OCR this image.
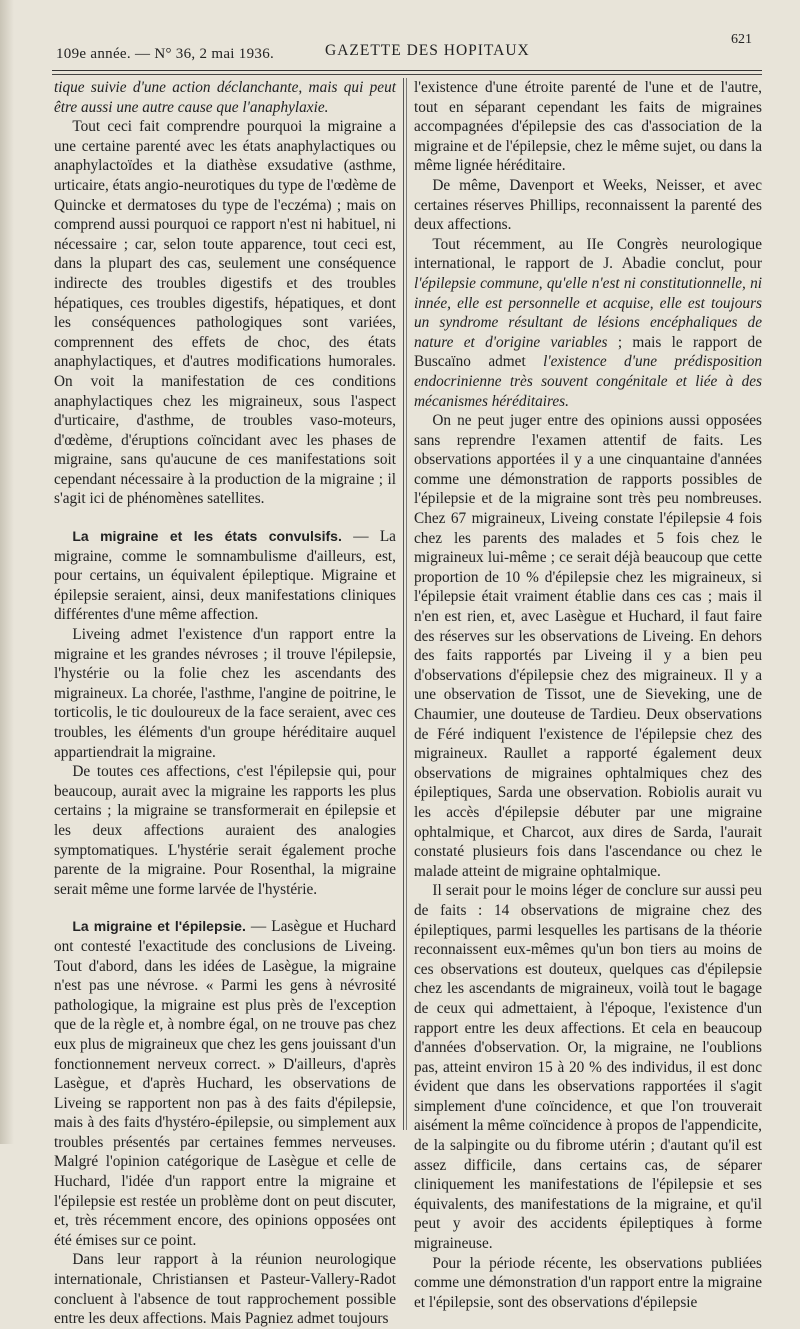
109e année. — N° 36, 2 mai 1936.	GAZETTE DES HOPITAUX
621

tique suivie d'une action déclanchante, mais qui peut être aussi une autre cause que l'anaphylaxie.

Tout ceci fait comprendre pourquoi la migraine a une certaine parenté avec les états anaphylactiques ou anaphylactoïdes et la diathèse exsudative (asthme, urticaire, états angio-neurotiques du type de l'œdème de Quincke et dermatoses du type de l'eczéma) ; mais on comprend aussi pourquoi ce rapport n'est ni habituel, ni nécessaire ; car, selon toute apparence, tout ceci est, dans la plupart des cas, seulement une conséquence indirecte des troubles digestifs et des troubles hépatiques, ces troubles digestifs, hépatiques, et dont les conséquences pathologiques sont variées, comprennent des effets de choc, des états anaphylactiques, et d'autres modifications humorales. On voit la manifestation de ces conditions anaphylactiques chez les migraineux, sous l'aspect d'urticaire, d'asthme, de troubles vaso-moteurs, d'œdème, d'éruptions coïncidant avec les phases de migraine, sans qu'aucune de ces manifestations soit cependant nécessaire à la production de la migraine ; il s'agit ici de phénomènes satellites.

La migraine et les états convulsifs. — La migraine, comme le somnambulisme d'ailleurs, est, pour certains, un équivalent épileptique. Migraine et épilepsie seraient, ainsi, deux manifestations cliniques différentes d'une même affection.

Liveing admet l'existence d'un rapport entre la migraine et les grandes névroses ; il trouve l'épilepsie, l'hystérie ou la folie chez les ascendants des migraineux. La chorée, l'asthme, l'angine de poitrine, le torticolis, le tic douloureux de la face seraient, avec ces troubles, les éléments d'un groupe héréditaire auquel appartiendrait la migraine.

De toutes ces affections, c'est l'épilepsie qui, pour beaucoup, aurait avec la migraine les rapports les plus certains ; la migraine se transformerait en épilepsie et les deux affections auraient des analogies symptomatiques. L'hystérie serait également proche parente de la migraine. Pour Rosenthal, la migraine serait même une forme larvée de l'hystérie.

La migraine et l'épilepsie. — Lasègue et Huchard ont contesté l'exactitude des conclusions de Liveing. Tout d'abord, dans les idées de Lasègue, la migraine n'est pas une névrose. « Parmi les gens à névrosité pathologique, la migraine est plus près de l'exception que de la règle et, à nombre égal, on ne trouve pas chez eux plus de migraineux que chez les gens jouissant d'un fonctionnement nerveux correct. » D'ailleurs, d'après Lasègue, et d'après Huchard, les observations de Liveing se rapportent non pas à des faits d'épilepsie, mais à des faits d'hystéro-épilepsie, ou simplement aux troubles présentés par certaines femmes nerveuses. Malgré l'opinion catégorique de Lasègue et celle de Huchard, l'idée d'un rapport entre la migraine et l'épilepsie est restée un problème dont on peut discuter, et, très récemment encore, des opinions opposées ont été émises sur ce point.

Dans leur rapport à la réunion neurologique internationale, Christiansen et Pasteur-Vallery-Radot concluent à l'absence de tout rapprochement possible entre les deux affections. Mais Pagniez admet toujours

l'existence d'une étroite parenté de l'une et de l'autre, tout en séparant cependant les faits de migraines accompagnées d'épilepsie des cas d'association de la migraine et de l'épilepsie, chez le même sujet, ou dans la même lignée héréditaire.

De même, Davenport et Weeks, Neisser, et avec certaines réserves Phillips, reconnaissent la parenté des deux affections.

Tout récemment, au IIe Congrès neurologique international, le rapport de J. Abadie conclut, pour l'épilepsie commune, qu'elle n'est ni constitutionnelle, ni innée, elle est personnelle et acquise, elle est toujours un syndrome résultant de lésions encéphaliques de nature et d'origine variables ; mais le rapport de Buscaïno admet l'existence d'une prédisposition endocrinienne très souvent congénitale et liée à des mécanismes héréditaires.

On ne peut juger entre des opinions aussi opposées sans reprendre l'examen attentif de faits. Les observations apportées il y a une cinquantaine d'années comme une démonstration de rapports possibles de l'épilepsie et de la migraine sont très peu nombreuses. Chez 67 migraineux, Liveing constate l'épilepsie 4 fois chez les parents des malades et 5 fois chez le migraineux lui-même ; ce serait déjà beaucoup que cette proportion de 10 % d'épilepsie chez les migraineux, si l'épilepsie était vraiment établie dans ces cas ; mais il n'en est rien, et, avec Lasègue et Huchard, il faut faire des réserves sur les observations de Liveing. En dehors des faits rapportés par Liveing il y a bien peu d'observations d'épilepsie chez des migraineux. Il y a une observation de Tissot, une de Sieveking, une de Chaumier, une douteuse de Tardieu. Deux observations de Féré indiquent l'existence de l'épilepsie chez des migraineux. Raullet a rapporté également deux observations de migraines ophtalmiques chez des épileptiques, Sarda une observation. Robiolis aurait vu les accès d'épilepsie débuter par une migraine ophtalmique, et Charcot, aux dires de Sarda, l'aurait constaté plusieurs fois dans l'ascendance ou chez le malade atteint de migraine ophtalmique.

Il serait pour le moins léger de conclure sur aussi peu de faits : 14 observations de migraine chez des épileptiques, parmi lesquelles les partisans de la théorie reconnaissent eux-mêmes qu'un bon tiers au moins de ces observations est douteux, quelques cas d'épilepsie chez les ascendants de migraineux, voilà tout le bagage de ceux qui admettaient, à l'époque, l'existence d'un rapport entre les deux affections. Et cela en beaucoup d'années d'observation. Or, la migraine, ne l'oublions pas, atteint environ 15 à 20 % des individus, il est donc évident que dans les observations rapportées il s'agit simplement d'une coïncidence, et que l'on trouverait aisément la même coïncidence à propos de l'appendicite, de la salpingite ou du fibrome utérin ; d'autant qu'il est assez difficile, dans certains cas, de séparer cliniquement les manifestations de l'épilepsie et ses équivalents, des manifestations de la migraine, et qu'il peut y avoir des accidents épileptiques à forme migraineuse.

Pour la période récente, les observations publiées comme une démonstration d'un rapport entre la migraine et l'épilepsie, sont des observations d'épilepsie
